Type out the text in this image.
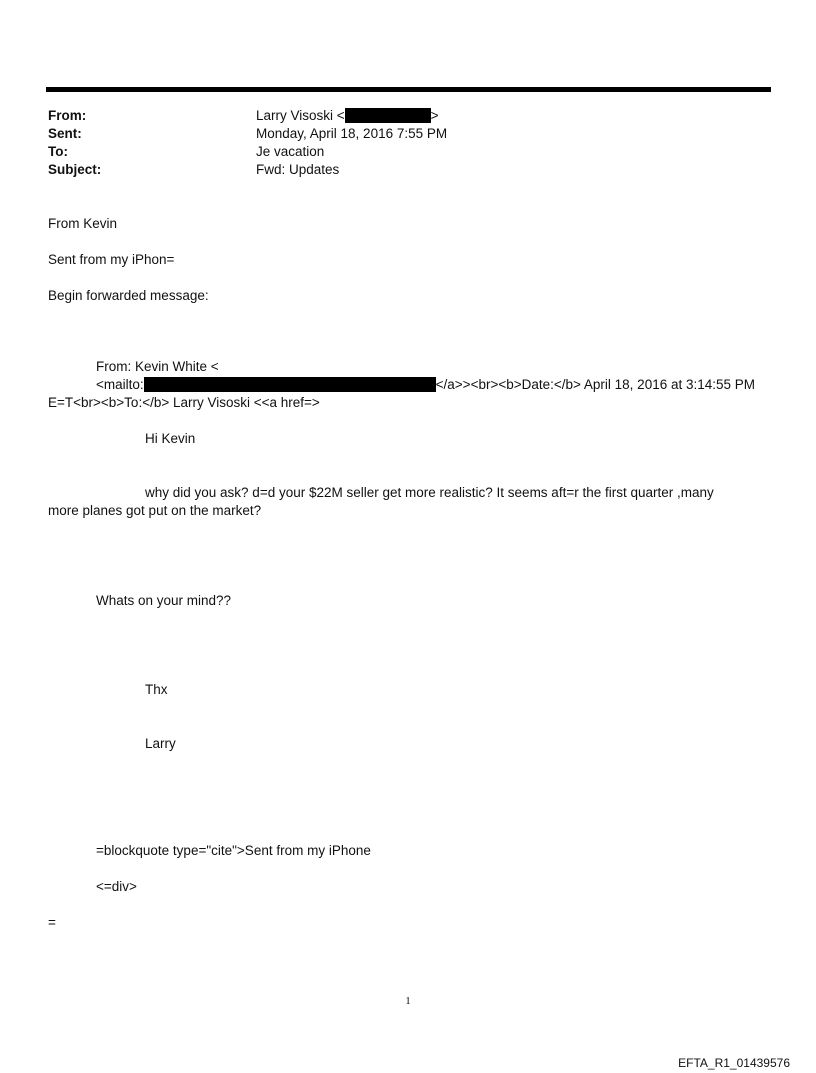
From:	Larry Visoski <	>
Sent:	Monday, April 18, 2016 7:55 PM
To:	Je vacation
Subject:	Fwd: Updates
From Kevin
Sent from my iPhon=
Begin forwarded message:
From: Kevin White <
<mailto:	</a>><br><b>Date:</b> April 18, 2016 at 3:14:55 PM
E=T<br><b>To:</b> Larry Visoski <<a href=>
Hi Kevin
why did you ask? d=d your $22M seller get more realistic? It seems aft=r the first quarter ,many
more planes got put on the market?
Whats on your mind??
Thx
Larry
=blockquote type="cite">Sent from my iPhone
<=div>
=
1
EFTA_R1_01439576
